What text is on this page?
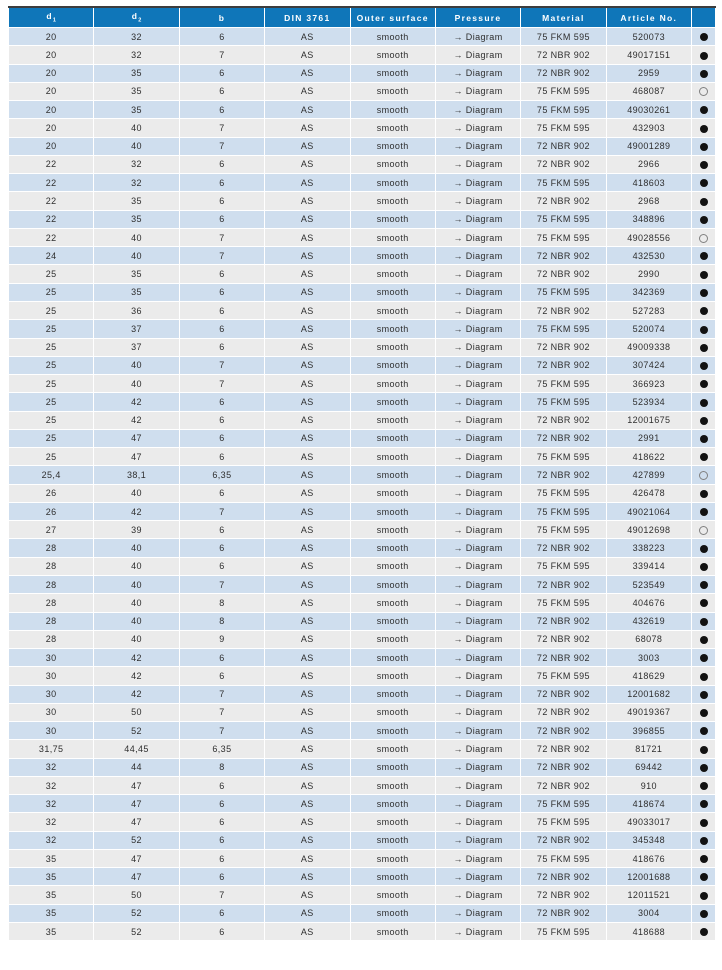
$d_1$	$d_2$	b	DIN 3761	Outer surface	Pressure	Material	Article No.	
20	32	6	AS	smooth	→ Diagram	75 FKM 595	520073	
20	32	7	AS	smooth	→ Diagram	72 NBR 902	49017151	
20	35	6	AS	smooth	→ Diagram	72 NBR 902	2959	
20	35	6	AS	smooth	→ Diagram	75 FKM 595	468087	
20	35	6	AS	smooth	→ Diagram	75 FKM 595	49030261	
20	40	7	AS	smooth	→ Diagram	75 FKM 595	432903	
20	40	7	AS	smooth	→ Diagram	72 NBR 902	49001289	
22	32	6	AS	smooth	→ Diagram	72 NBR 902	2966	
22	32	6	AS	smooth	→ Diagram	75 FKM 595	418603	
22	35	6	AS	smooth	→ Diagram	72 NBR 902	2968	
22	35	6	AS	smooth	→ Diagram	75 FKM 595	348896	
22	40	7	AS	smooth	→ Diagram	75 FKM 595	49028556	
24	40	7	AS	smooth	→ Diagram	72 NBR 902	432530	
25	35	6	AS	smooth	→ Diagram	72 NBR 902	2990	
25	35	6	AS	smooth	→ Diagram	75 FKM 595	342369	
25	36	6	AS	smooth	→ Diagram	72 NBR 902	527283	
25	37	6	AS	smooth	→ Diagram	75 FKM 595	520074	
25	37	6	AS	smooth	→ Diagram	72 NBR 902	49009338	
25	40	7	AS	smooth	→ Diagram	72 NBR 902	307424	
25	40	7	AS	smooth	→ Diagram	75 FKM 595	366923	
25	42	6	AS	smooth	→ Diagram	75 FKM 595	523934	
25	42	6	AS	smooth	→ Diagram	72 NBR 902	12001675	
25	47	6	AS	smooth	→ Diagram	72 NBR 902	2991	
25	47	6	AS	smooth	→ Diagram	75 FKM 595	418622	
25,4	38,1	6,35	AS	smooth	→ Diagram	72 NBR 902	427899	
26	40	6	AS	smooth	→ Diagram	75 FKM 595	426478	
26	42	7	AS	smooth	→ Diagram	75 FKM 595	49021064	
27	39	6	AS	smooth	→ Diagram	75 FKM 595	49012698	
28	40	6	AS	smooth	→ Diagram	72 NBR 902	338223	
28	40	6	AS	smooth	→ Diagram	75 FKM 595	339414	
28	40	7	AS	smooth	→ Diagram	72 NBR 902	523549	
28	40	8	AS	smooth	→ Diagram	75 FKM 595	404676	
28	40	8	AS	smooth	→ Diagram	72 NBR 902	432619	
28	40	9	AS	smooth	→ Diagram	72 NBR 902	68078	
30	42	6	AS	smooth	→ Diagram	72 NBR 902	3003	
30	42	6	AS	smooth	→ Diagram	75 FKM 595	418629	
30	42	7	AS	smooth	→ Diagram	72 NBR 902	12001682	
30	50	7	AS	smooth	→ Diagram	72 NBR 902	49019367	
30	52	7	AS	smooth	→ Diagram	72 NBR 902	396855	
31,75	44,45	6,35	AS	smooth	→ Diagram	72 NBR 902	81721	
32	44	8	AS	smooth	→ Diagram	72 NBR 902	69442	
32	47	6	AS	smooth	→ Diagram	72 NBR 902	910	
32	47	6	AS	smooth	→ Diagram	75 FKM 595	418674	
32	47	6	AS	smooth	→ Diagram	75 FKM 595	49033017	
32	52	6	AS	smooth	→ Diagram	72 NBR 902	345348	
35	47	6	AS	smooth	→ Diagram	75 FKM 595	418676	
35	47	6	AS	smooth	→ Diagram	72 NBR 902	12001688	
35	50	7	AS	smooth	→ Diagram	72 NBR 902	12011521	
35	52	6	AS	smooth	→ Diagram	72 NBR 902	3004	
35	52	6	AS	smooth	→ Diagram	75 FKM 595	418688	
